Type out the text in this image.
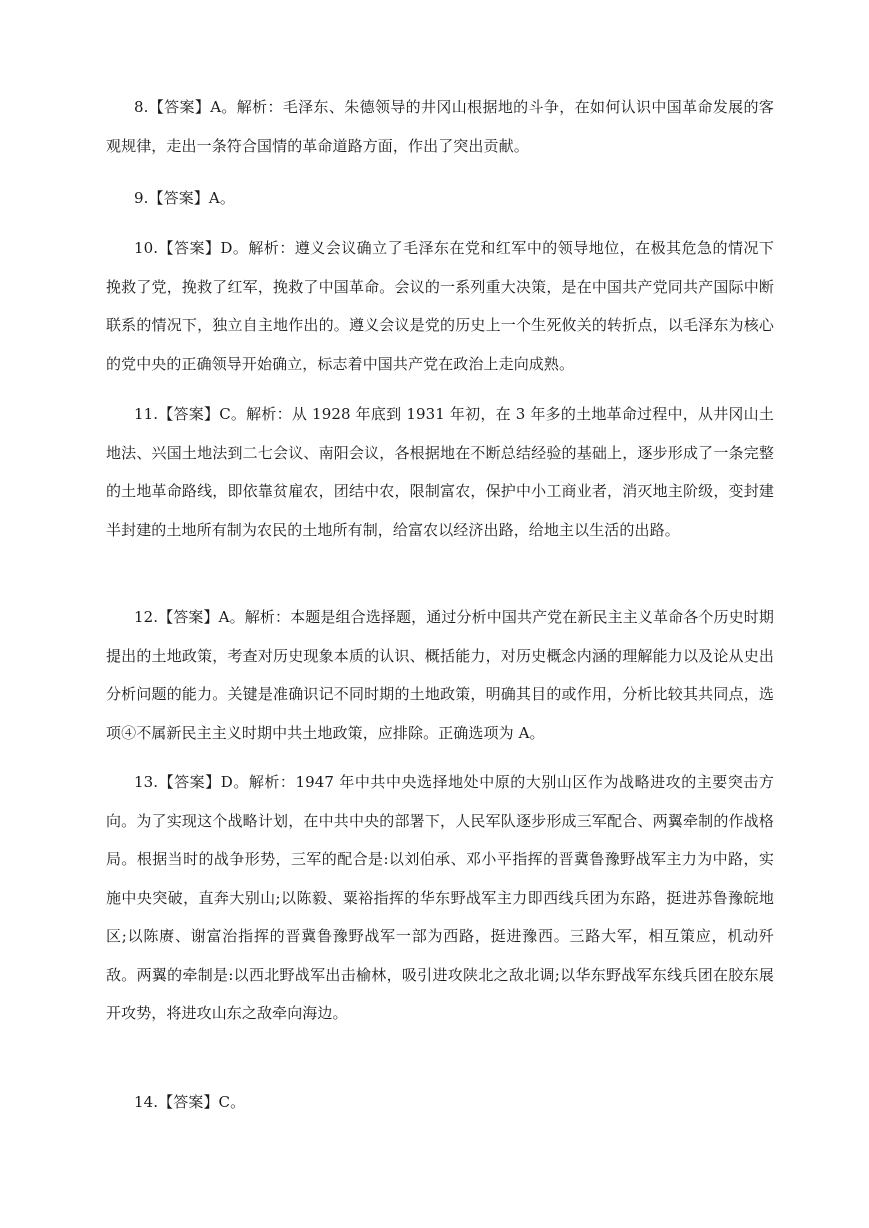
8.【答案】A。解析：毛泽东、朱德领导的井冈山根据地的斗争，在如何认识中国革命发展的客观规律，走出一条符合国情的革命道路方面，作出了突出贡献。

9.【答案】A。

10.【答案】D。解析：遵义会议确立了毛泽东在党和红军中的领导地位，在极其危急的情况下挽救了党，挽救了红军，挽救了中国革命。会议的一系列重大决策，是在中国共产党同共产国际中断联系的情况下，独立自主地作出的。遵义会议是党的历史上一个生死攸关的转折点，以毛泽东为核心的党中央的正确领导开始确立，标志着中国共产党在政治上走向成熟。

11.【答案】C。解析：从 1928 年底到 1931 年初，在 3 年多的土地革命过程中，从井冈山土地法、兴国土地法到二七会议、南阳会议，各根据地在不断总结经验的基础上，逐步形成了一条完整的土地革命路线，即依靠贫雇农，团结中农，限制富农，保护中小工商业者，消灭地主阶级，变封建半封建的土地所有制为农民的土地所有制，给富农以经济出路，给地主以生活的出路。

12.【答案】A。解析：本题是组合选择题，通过分析中国共产党在新民主主义革命各个历史时期提出的土地政策，考查对历史现象本质的认识、概括能力，对历史概念内涵的理解能力以及论从史出分析问题的能力。关键是准确识记不同时期的土地政策，明确其目的或作用，分析比较其共同点，选项④不属新民主主义时期中共土地政策，应排除。正确选项为 A。

13.【答案】D。解析：1947 年中共中央选择地处中原的大别山区作为战略进攻的主要突击方向。为了实现这个战略计划，在中共中央的部署下，人民军队逐步形成三军配合、两翼牵制的作战格局。根据当时的战争形势，三军的配合是:以刘伯承、邓小平指挥的晋冀鲁豫野战军主力为中路，实施中央突破，直奔大别山;以陈毅、粟裕指挥的华东野战军主力即西线兵团为东路，挺进苏鲁豫皖地区;以陈赓、谢富治指挥的晋冀鲁豫野战军一部为西路，挺进豫西。三路大军，相互策应，机动歼敌。两翼的牵制是:以西北野战军出击榆林，吸引进攻陕北之敌北调;以华东野战军东线兵团在胶东展开攻势，将进攻山东之敌牵向海边。

14.【答案】C。
